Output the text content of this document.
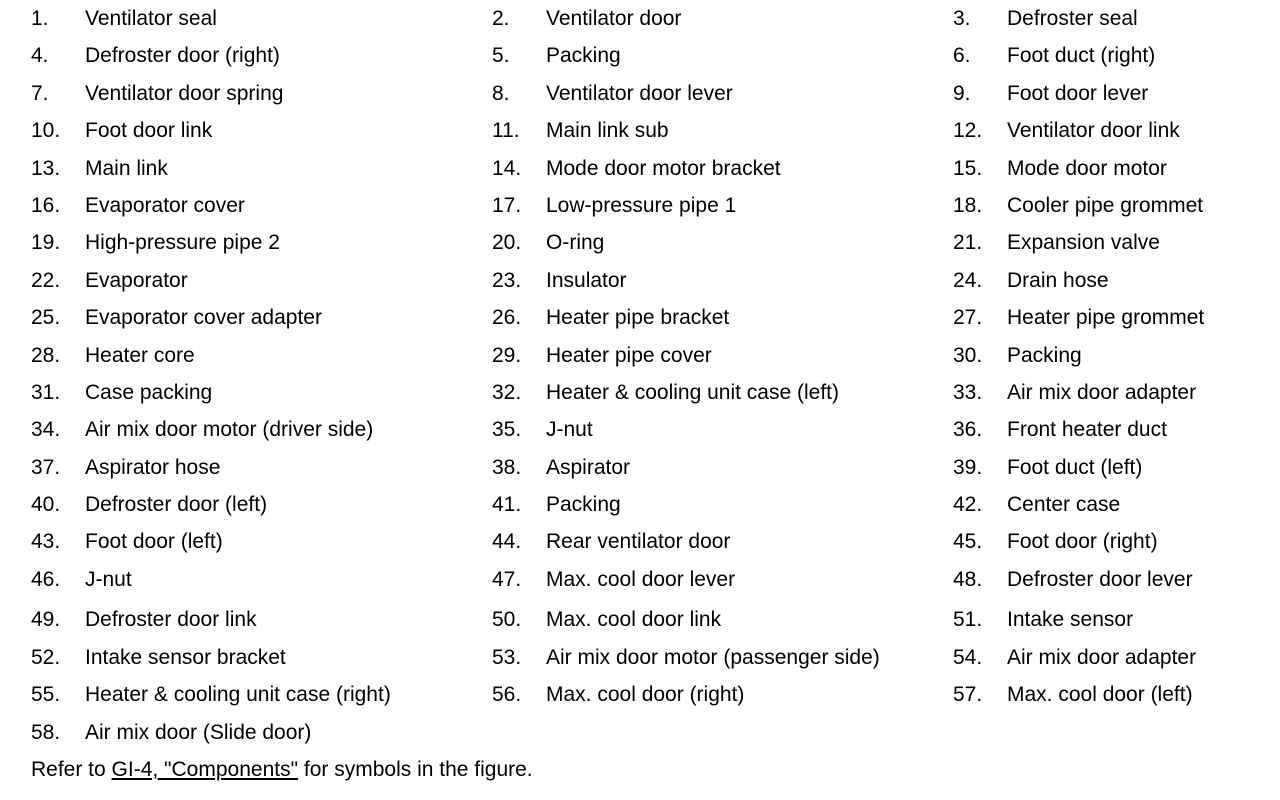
1. Ventilator seal	2. Ventilator door	3. Defroster seal
4. Defroster door (right)	5. Packing	6. Foot duct (right)
7. Ventilator door spring	8. Ventilator door lever	9. Foot door lever
10. Foot door link	11. Main link sub	12. Ventilator door link
13. Main link	14. Mode door motor bracket	15. Mode door motor
16. Evaporator cover	17. Low-pressure pipe 1	18. Cooler pipe grommet
19. High-pressure pipe 2	20. O-ring	21. Expansion valve
22. Evaporator	23. Insulator	24. Drain hose
25. Evaporator cover adapter	26. Heater pipe bracket	27. Heater pipe grommet
28. Heater core	29. Heater pipe cover	30. Packing
31. Case packing	32. Heater & cooling unit case (left)	33. Air mix door adapter
34. Air mix door motor (driver side)	35. J-nut	36. Front heater duct
37. Aspirator hose	38. Aspirator	39. Foot duct (left)
40. Defroster door (left)	41. Packing	42. Center case
43. Foot door (left)	44. Rear ventilator door	45. Foot door (right)
46. J-nut	47. Max. cool door lever	48. Defroster door lever
49. Defroster door link	50. Max. cool door link	51. Intake sensor
52. Intake sensor bracket	53. Air mix door motor (passenger side)	54. Air mix door adapter
55. Heater & cooling unit case (right)	56. Max. cool door (right)	57. Max. cool door (left)
58. Air mix door (Slide door)
Refer to GI-4, "Components" for symbols in the figure.
